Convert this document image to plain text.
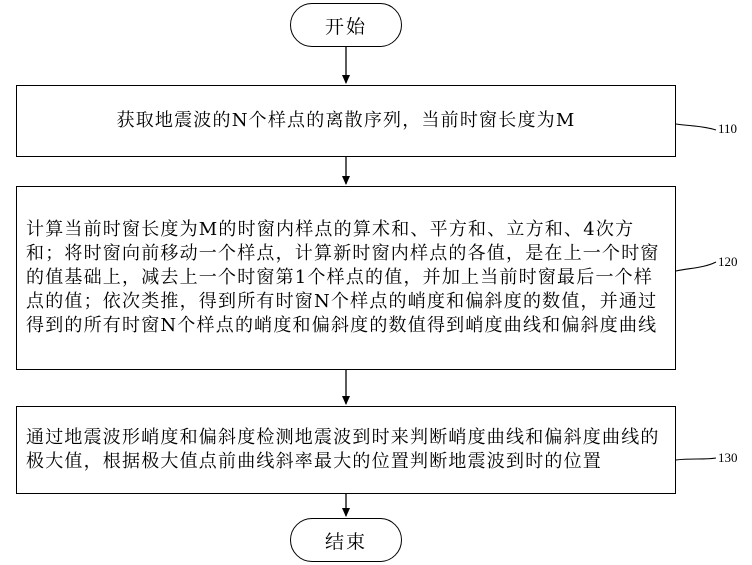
开始
获取地震波的N个样点的离散序列，当前时窗长度为M	110
计算当前时窗长度为M的时窗内样点的算术和、平方和、立方和、4次方和；将时窗向前移动一个样点，计算新时窗内样点的各值，是在上一个时窗的值基础上，减去上一个时窗第1个样点的值，并加上当前时窗最后一个样点的值；依次类推，得到所有时窗N个样点的峭度和偏斜度的数值，并通过得到的所有时窗N个样点的峭度和偏斜度的数值得到峭度曲线和偏斜度曲线
120
通过地震波形峭度和偏斜度检测地震波到时来判断峭度曲线和偏斜度曲线的极大值，根据极大值点前曲线斜率最大的位置判断地震波到时的位置	130
结束
